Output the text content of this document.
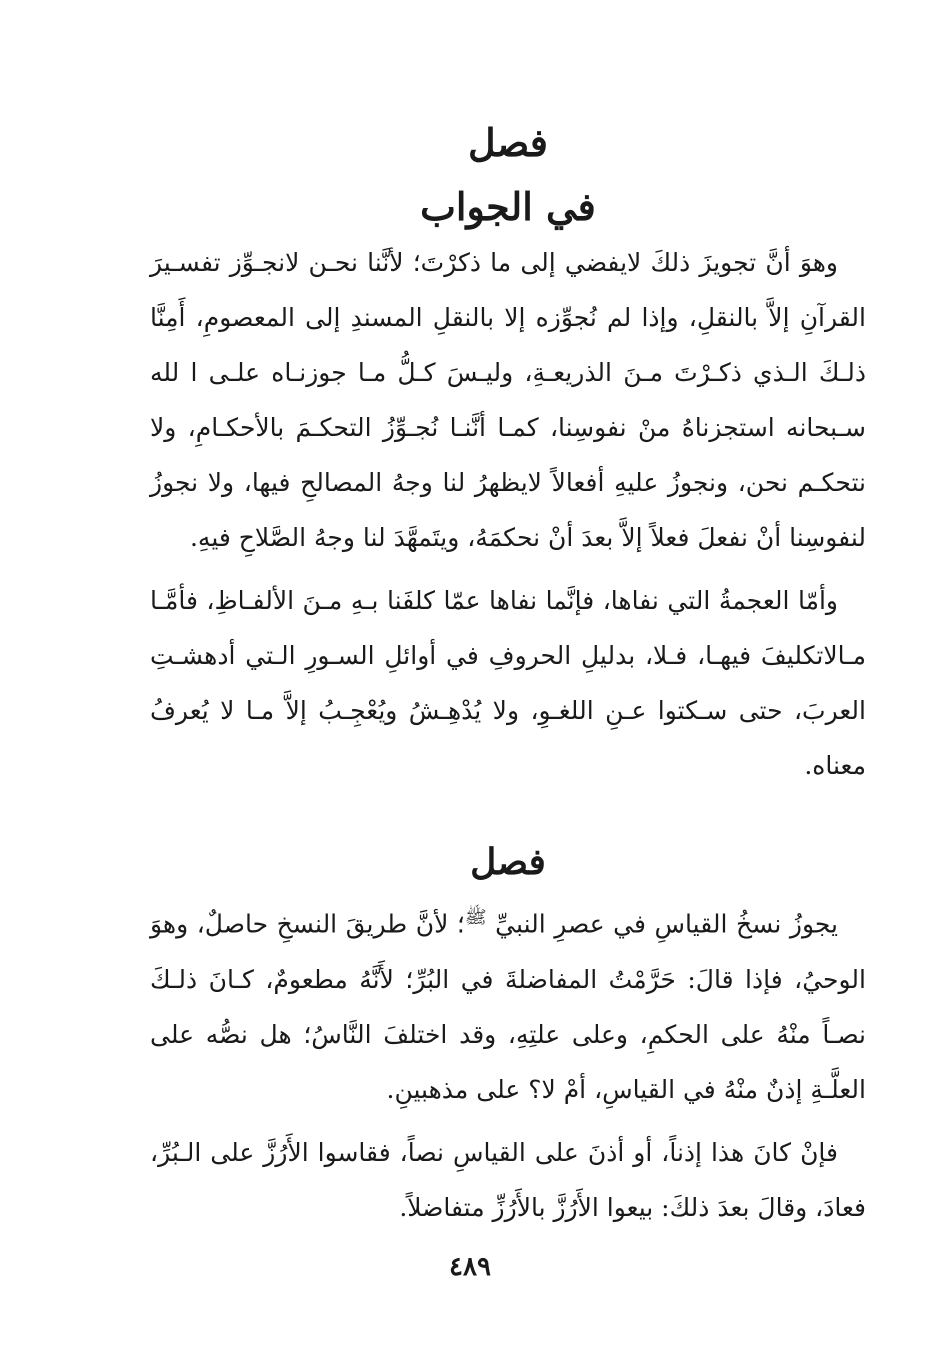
فصل
في الجواب

وهوَ أنَّ تجويزَ ذلكَ لايفضي إلى ما ذكرْتَ؛ لأنَّنا نحـن لانجـوِّز تفسـيرَ القرآنِ إلاَّ بالنقلِ، وإذا لم نُجوِّزه إلا بالنقلِ المسندِ إلى المعصومِ، أَمِنَّا ذلـكَ الـذي ذكـرْتَ مـنَ الذريعـةِ، وليـسَ كـلُّ مـا جوزنـاه علـى ا لله سـبحانه استجزناهُ منْ نفوسِنا، كمـا أنَّنـا نُجـوِّزُ التحكـمَ بالأحكـامِ، ولا نتحكـم نحن، ونجوزُ عليهِ أفعالاً لايظهرُ لنا وجهُ المصالحِ فيها، ولا نجوزُ لنفوسِنا أنْ نفعلَ فعلاً إلاَّ بعدَ أنْ نحكمَهُ، ويتَمهَّدَ لنا وجهُ الصَّلاحِ فيهِ.

وأمّا العجمةُ التي نفاها، فإنَّما نفاها عمّا كلفَنا بـهِ مـنَ الألفـاظِ، فأمَّـا مـالاتكليفَ فيهـا، فـلا، بدليلِ الحروفِ في أوائلِ السـورِ الـتي أدهشـتِ العربَ، حتى سـكتوا عـنِ اللغـوِ، ولا يُدْهِـشُ ويُعْجِـبُ إلاَّ مـا لا يُعرفُ معناه.

فصل

يجوزُ نسخُ القياسِ في عصرِ النبيِّ $^ﷺ$؛ لأنَّ طريقَ النسخِ حاصلٌ، وهوَ الوحيُ، فإذا قالَ: حَرَّمْتُ المفاضلةَ في البُرِّ؛ لأَنَّهُ مطعومٌ، كـانَ ذلـكَ نصـاً منْهُ على الحكمِ، وعلى علتِهِ، وقد اختلفَ النَّاسُ؛ هل نصُّه على العلَّـةِ إذنٌ منْهُ في القياسِ، أمْ لا؟ على مذهبينِ.

فإنْ كانَ هذا إذناً، أو أذنَ على القياسِ نصاً، فقاسوا الأَرُزَّ على الـبُرِّ، فعادَ، وقالَ بعدَ ذلكَ: بيعوا الأَرُزَّ بالأَرُزِّ متفاضلاً.

٤٨٩
